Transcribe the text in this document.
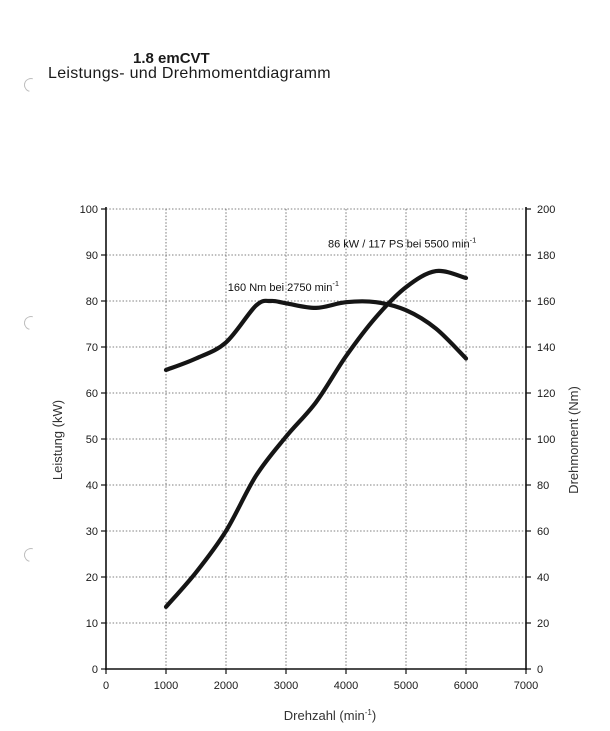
1.8 emCVT
Leistungs- und Drehmomentdiagramm
0	1000	2000	3000	4000	5000	6000	7000
0
10
20
30
40
50
60
70
80
90
100
0
20
40
60
80
100
120
140
160
180
200
Drehzahl $(\min^{-1})$
Leistung (kW)	Drehmoment (Nm)
86 kW / 117 PS bei 5500 $\min^{-1}$
160 Nm bei 2750 $\min^{-1}$
